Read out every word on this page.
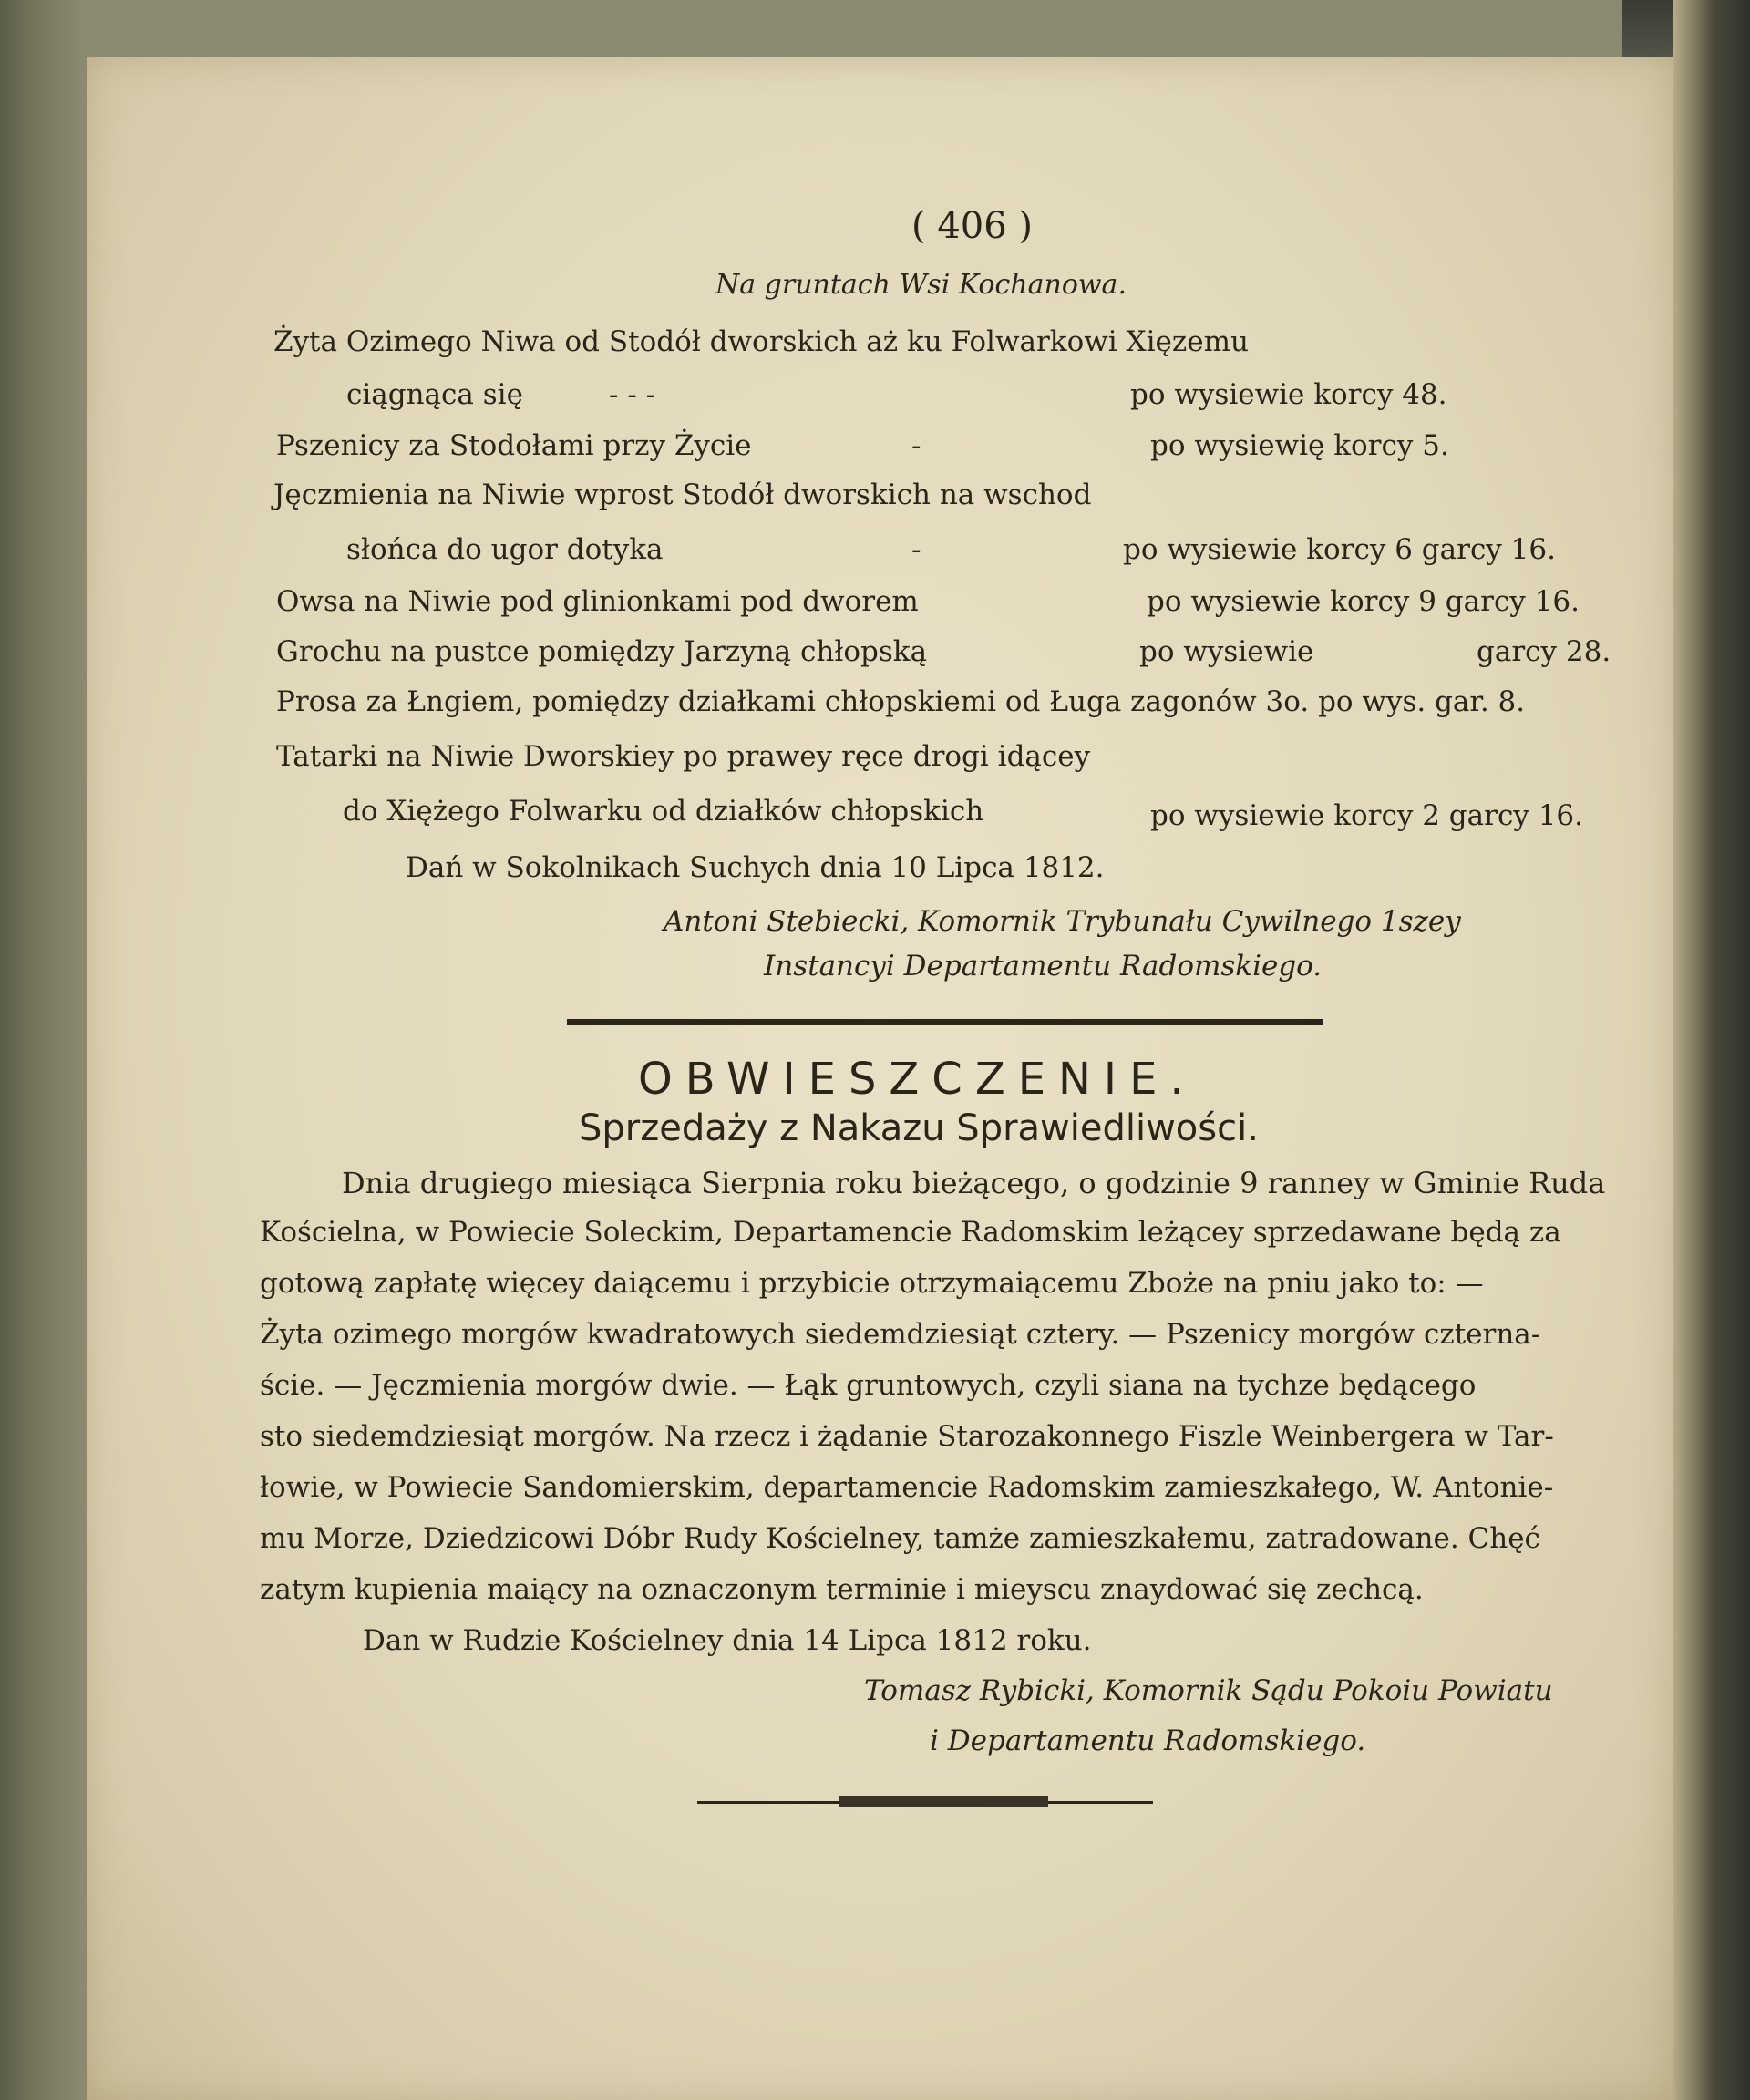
( 406 )
Na gruntach Wsi Kochanowa.
Żyta Ozimego Niwa od Stodół dworskich aż ku Folwarkowi Xięzemu
ciągnąca się	- - -	po wysiewie korcy 48.
Pszenicy za Stodołami przy Życie	-	po wysiewię korcy 5.
Jęczmienia na Niwie wprost Stodół dworskich na wschod
słońca do ugor dotyka	-	po wysiewie korcy 6 garcy 16.
Owsa na Niwie pod glinionkami pod dworem	po wysiewie korcy 9 garcy 16.
Grochu na pustce pomiędzy Jarzyną chłopską	po wysiewie	garcy 28.
Prosa za Łngiem, pomiędzy działkami chłopskiemi od Ługa zagonów 3o. po wys. gar. 8.
Tatarki na Niwie Dworskiey po prawey ręce drogi idącey
do Xiężego Folwarku od działków chłopskich	po wysiewie korcy 2 garcy 16.
Dań w Sokolnikach Suchych dnia 10 Lipca 1812.
Antoni Stebiecki, Komornik Trybunału Cywilnego 1szey
Instancyi Departamentu Radomskiego.
OBWIESZCZENIE.
Sprzedaży z Nakazu Sprawiedliwości.
Dnia drugiego miesiąca Sierpnia roku bieżącego, o godzinie 9 ranney w Gminie Ruda
Kościelna, w Powiecie Soleckim, Departamencie Radomskim leżącey sprzedawane będą za
gotową zapłatę więcey daiącemu i przybicie otrzymaiącemu Zboże na pniu jako to: —
Żyta ozimego morgów kwadratowych siedemdziesiąt cztery. — Pszenicy morgów czterna-
ście. — Jęczmienia morgów dwie. — Łąk gruntowych, czyli siana na tychze będącego
sto siedemdziesiąt morgów. Na rzecz i żądanie Starozakonnego Fiszle Weinbergera w Tar-
łowie, w Powiecie Sandomierskim, departamencie Radomskim zamieszkałego, W. Antonie-
mu Morze, Dziedzicowi Dóbr Rudy Kościelney, tamże zamieszkałemu, zatradowane. Chęć
zatym kupienia maiący na oznaczonym terminie i mieyscu znaydować się zechcą.
Dan w Rudzie Kościelney dnia 14 Lipca 1812 roku.
Tomasz Rybicki, Komornik Sądu Pokoiu Powiatu
i Departamentu Radomskiego.
